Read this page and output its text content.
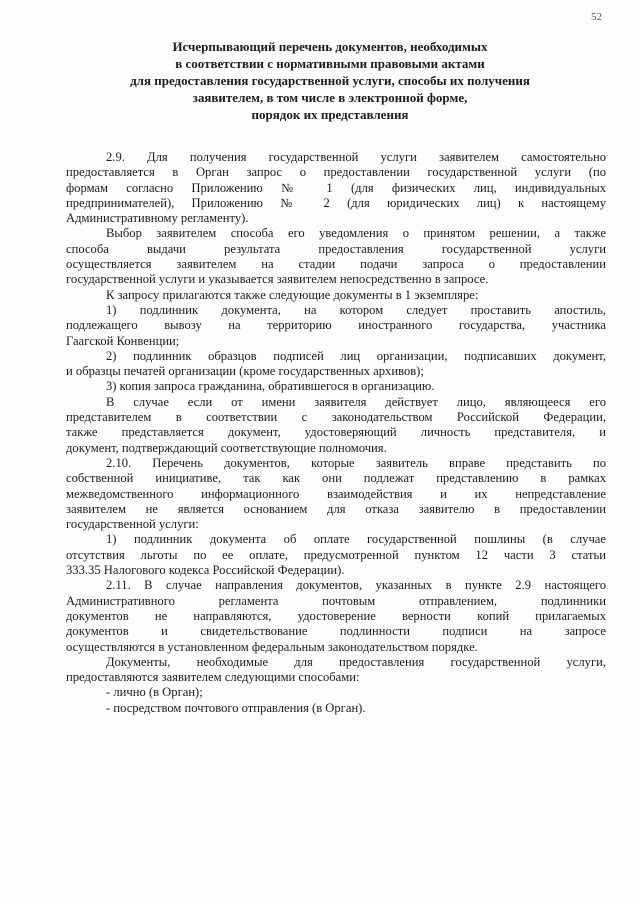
52
Исчерпывающий перечень документов, необходимых
в соответствии с нормативными правовыми актами
для предоставления государственной услуги, способы их получения
заявителем, в том числе в электронной форме,
порядок их представления
2.9. Для получения государственной услуги заявителем самостоятельно
предоставляется в Орган запрос о предоставлении государственной услуги (по
формам согласно Приложению № 1 (для физических лиц, индивидуальных
предпринимателей), Приложению № 2 (для юридических лиц) к настоящему
Административному регламенту).
Выбор заявителем способа его уведомления о принятом решении, а также
способа выдачи результата предоставления государственной услуги
осуществляется заявителем на стадии подачи запроса о предоставлении
государственной услуги и указывается заявителем непосредственно в запросе.
К запросу прилагаются также следующие документы в 1 экземпляре:
1) подлинник документа, на котором следует проставить апостиль,
подлежащего вывозу на территорию иностранного государства, участника
Гаагской Конвенции;
2) подлинник образцов подписей лиц организации, подписавших документ,
и образцы печатей организации (кроме государственных архивов);
3) копия запроса гражданина, обратившегося в организацию.
В случае если от имени заявителя действует лицо, являющееся его
представителем в соответствии с законодательством Российской Федерации,
также представляется документ, удостоверяющий личность представителя, и
документ, подтверждающий соответствующие полномочия.
2.10. Перечень документов, которые заявитель вправе представить по
собственной инициативе, так как они подлежат представлению в рамках
межведомственного информационного взаимодействия и их непредставление
заявителем не является основанием для отказа заявителю в предоставлении
государственной услуги:
1) подлинник документа об оплате государственной пошлины (в случае
отсутствия льготы по ее оплате, предусмотренной пунктом 12 части 3 статьи
333.35 Налогового кодекса Российской Федерации).
2.11. В случае направления документов, указанных в пункте 2.9 настоящего
Административного регламента почтовым отправлением, подлинники
документов не направляются, удостоверение верности копий прилагаемых
документов и свидетельствование подлинности подписи на запросе
осуществляются в установленном федеральным законодательством порядке.
Документы, необходимые для предоставления государственной услуги,
предоставляются заявителем следующими способами:
- лично (в Орган);
- посредством почтового отправления (в Орган).
